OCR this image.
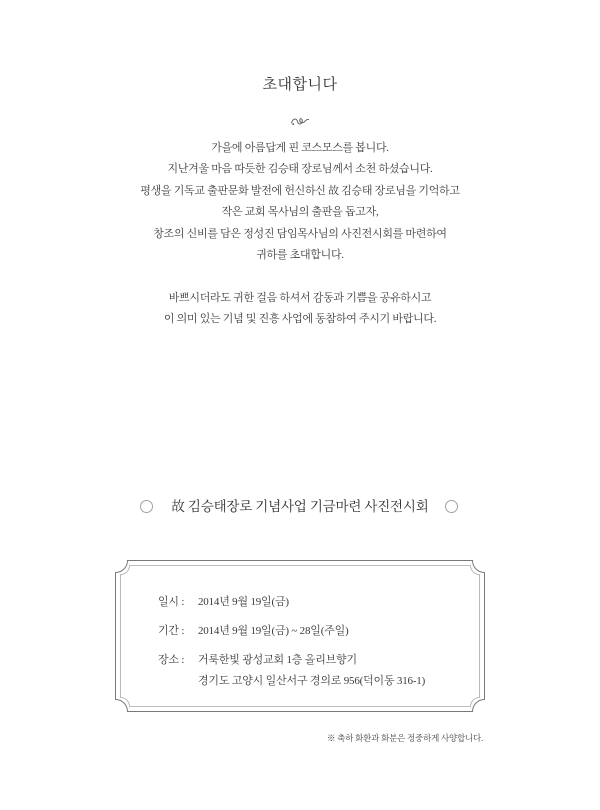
초대합니다
가을에 아름답게 핀 코스모스를 봅니다.
지난겨울 마음 따듯한 김승태 장로님께서 소천 하셨습니다.
평생을 기독교 출판문화 발전에 헌신하신 故 김승태 장로님을 기억하고
작은 교회 목사님의 출판을 돕고자,
창조의 신비를 담은 정성진 담임목사님의 사진전시회를 마련하여
귀하를 초대합니다.
바쁘시더라도 귀한 걸음 하셔서 감동과 기쁨을 공유하시고
이 의미 있는 기념 및 진흥 사업에 동참하여 주시기 바랍니다.
故 김승태장로 기념사업 기금마련 사진전시회
일시 : 2014년 9월 19일(금)
기간 : 2014년 9월 19일(금) ~ 28일(주일)
장소 : 거룩한빛 광성교회 1층 올리브향기
경기도 고양시 일산서구 경의로 956(덕이동 316-1)
※ 축하 화환과 화분은 정중하게 사양합니다.
